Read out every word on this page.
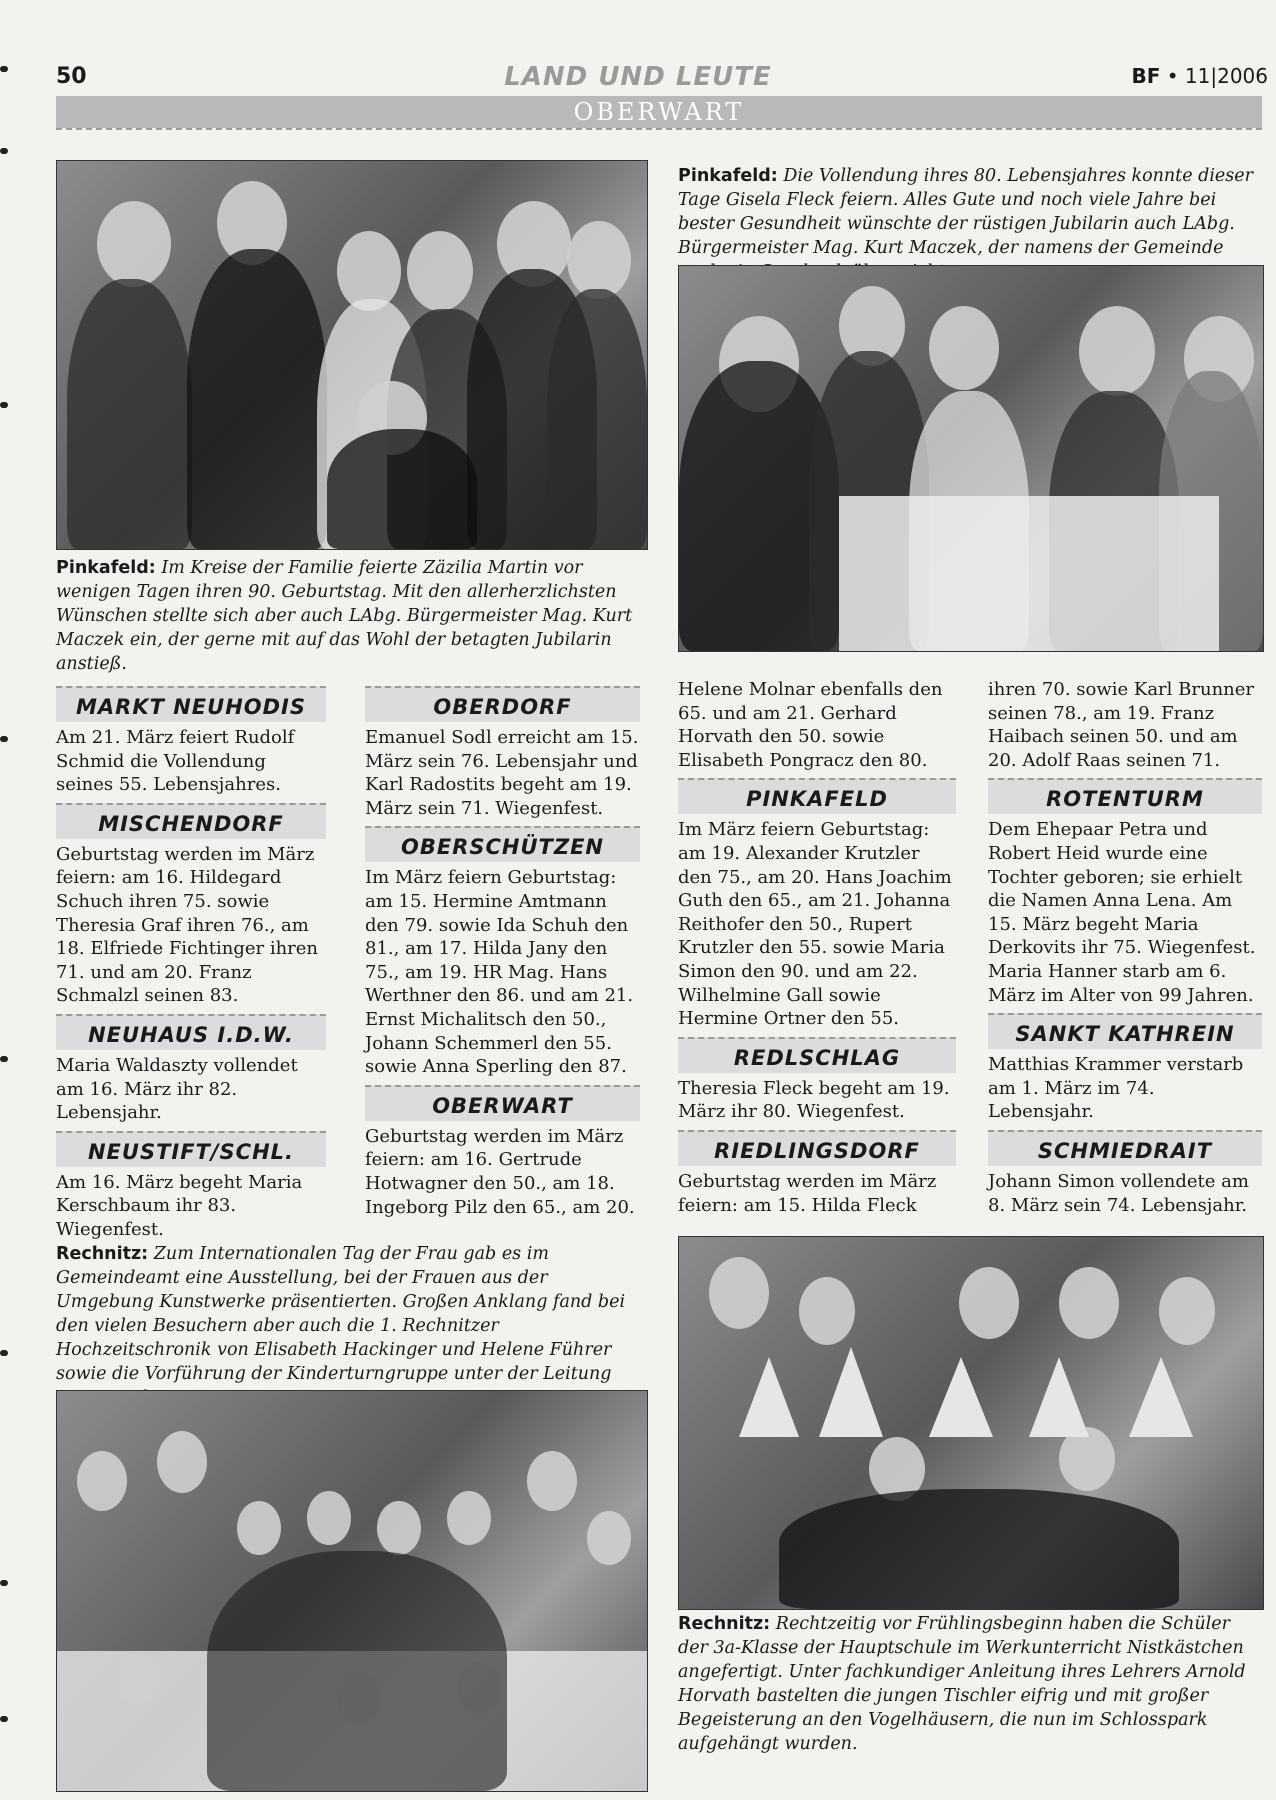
50	LAND UND LEUTE	BF • 11|2006
OBERWART
Pinkafeld: Im Kreise der Familie feierte Zäzilia Martin vor wenigen Tagen ihren 90. Geburtstag. Mit den allerherzlichsten Wünschen stellte sich aber auch LAbg. Bürgermeister Mag. Kurt Maczek ein, der gerne mit auf das Wohl der betagten Jubilarin anstieß.
Pinkafeld: Die Vollendung ihres 80. Lebensjahres konnte dieser Tage Gisela Fleck feiern. Alles Gute und noch viele Jahre bei bester Gesundheit wünschte der rüstigen Jubilarin auch LAbg. Bürgermeister Mag. Kurt Maczek, der namens der Gemeinde
MARKT NEUHODIS

Am 21. März feiert Rudolf Schmid die Vollendung seines 55. Lebensjahres.

MISCHENDORF

Geburtstag werden im März feiern: am 16. Hildegard Schuch ihren 75. sowie Theresia Graf ihren 76., am 18. Elfriede Fichtinger ihren 71. und am 20. Franz Schmalzl seinen 83.

NEUHAUS I.D.W.

Maria Waldaszty vollendet am 16. März ihr 82. Lebensjahr.

NEUSTIFT/SCHL.

Am 16. März begeht Maria Kerschbaum ihr 83. Wiegenfest.

OBERDORF

Emanuel Sodl erreicht am 15. März sein 76. Lebensjahr und Karl Radostits begeht am 19. März sein 71. Wiegenfest.

OBERSCHÜTZEN

Im März feiern Geburtstag: am 15. Hermine Amtmann den 79. sowie Ida Schuh den 81., am 17. Hilda Jany den 75., am 19. HR Mag. Hans Werthner den 86. und am 21. Ernst Michalitsch den 50., Johann Schemmerl den 55. sowie Anna Sperling den 87.

OBERWART

Geburtstag werden im März feiern: am 16. Gertrude Hotwagner den 50., am 18. Ingeborg Pilz den 65., am 20.

Helene Molnar ebenfalls den 65. und am 21. Gerhard Horvath den 50. sowie Elisabeth Pongracz den 80.

PINKAFELD

Im März feiern Geburtstag: am 19. Alexander Krutzler den 75., am 20. Hans Joachim Guth den 65., am 21. Johanna Reithofer den 50., Rupert Krutzler den 55. sowie Maria Simon den 90. und am 22. Wilhelmine Gall sowie Hermine Ortner den 55.

REDLSCHLAG

Theresia Fleck begeht am 19. März ihr 80. Wiegenfest.

RIEDLINGSDORF

Geburtstag werden im März feiern: am 15. Hilda Fleck

ihren 70. sowie Karl Brunner seinen 78., am 19. Franz Haibach seinen 50. und am 20. Adolf Raas seinen 71.

ROTENTURM

Dem Ehepaar Petra und Robert Heid wurde eine Tochter geboren; sie erhielt die Namen Anna Lena. Am 15. März begeht Maria Derkovits ihr 75. Wiegenfest. Maria Hanner starb am 6. März im Alter von 99 Jahren.

SANKT KATHREIN

Matthias Krammer verstarb am 1. März im 74. Lebensjahr.

SCHMIEDRAIT

Johann Simon vollendete am 8. März sein 74. Lebensjahr.

Rechnitz: Zum Internationalen Tag der Frau gab es im Gemeindeamt eine Ausstellung, bei der Frauen aus der Umgebung Kunstwerke präsentierten. Großen Anklang fand bei den vielen Besuchern aber auch die 1. Rechnitzer Hochzeitschronik von Elisabeth Hackinger und Helene Führer sowie die Vorführung der Kinderturngruppe unter der Leitung
Rechnitz: Rechtzeitig vor Frühlingsbeginn haben die Schüler der 3a-Klasse der Hauptschule im Werkunterricht Nistkästchen angefertigt. Unter fachkundiger Anleitung ihres Lehrers Arnold Horvath bastelten die jungen Tischler eifrig und mit großer Begeisterung an den Vogelhäusern, die nun im Schlosspark aufgehängt wurden.
